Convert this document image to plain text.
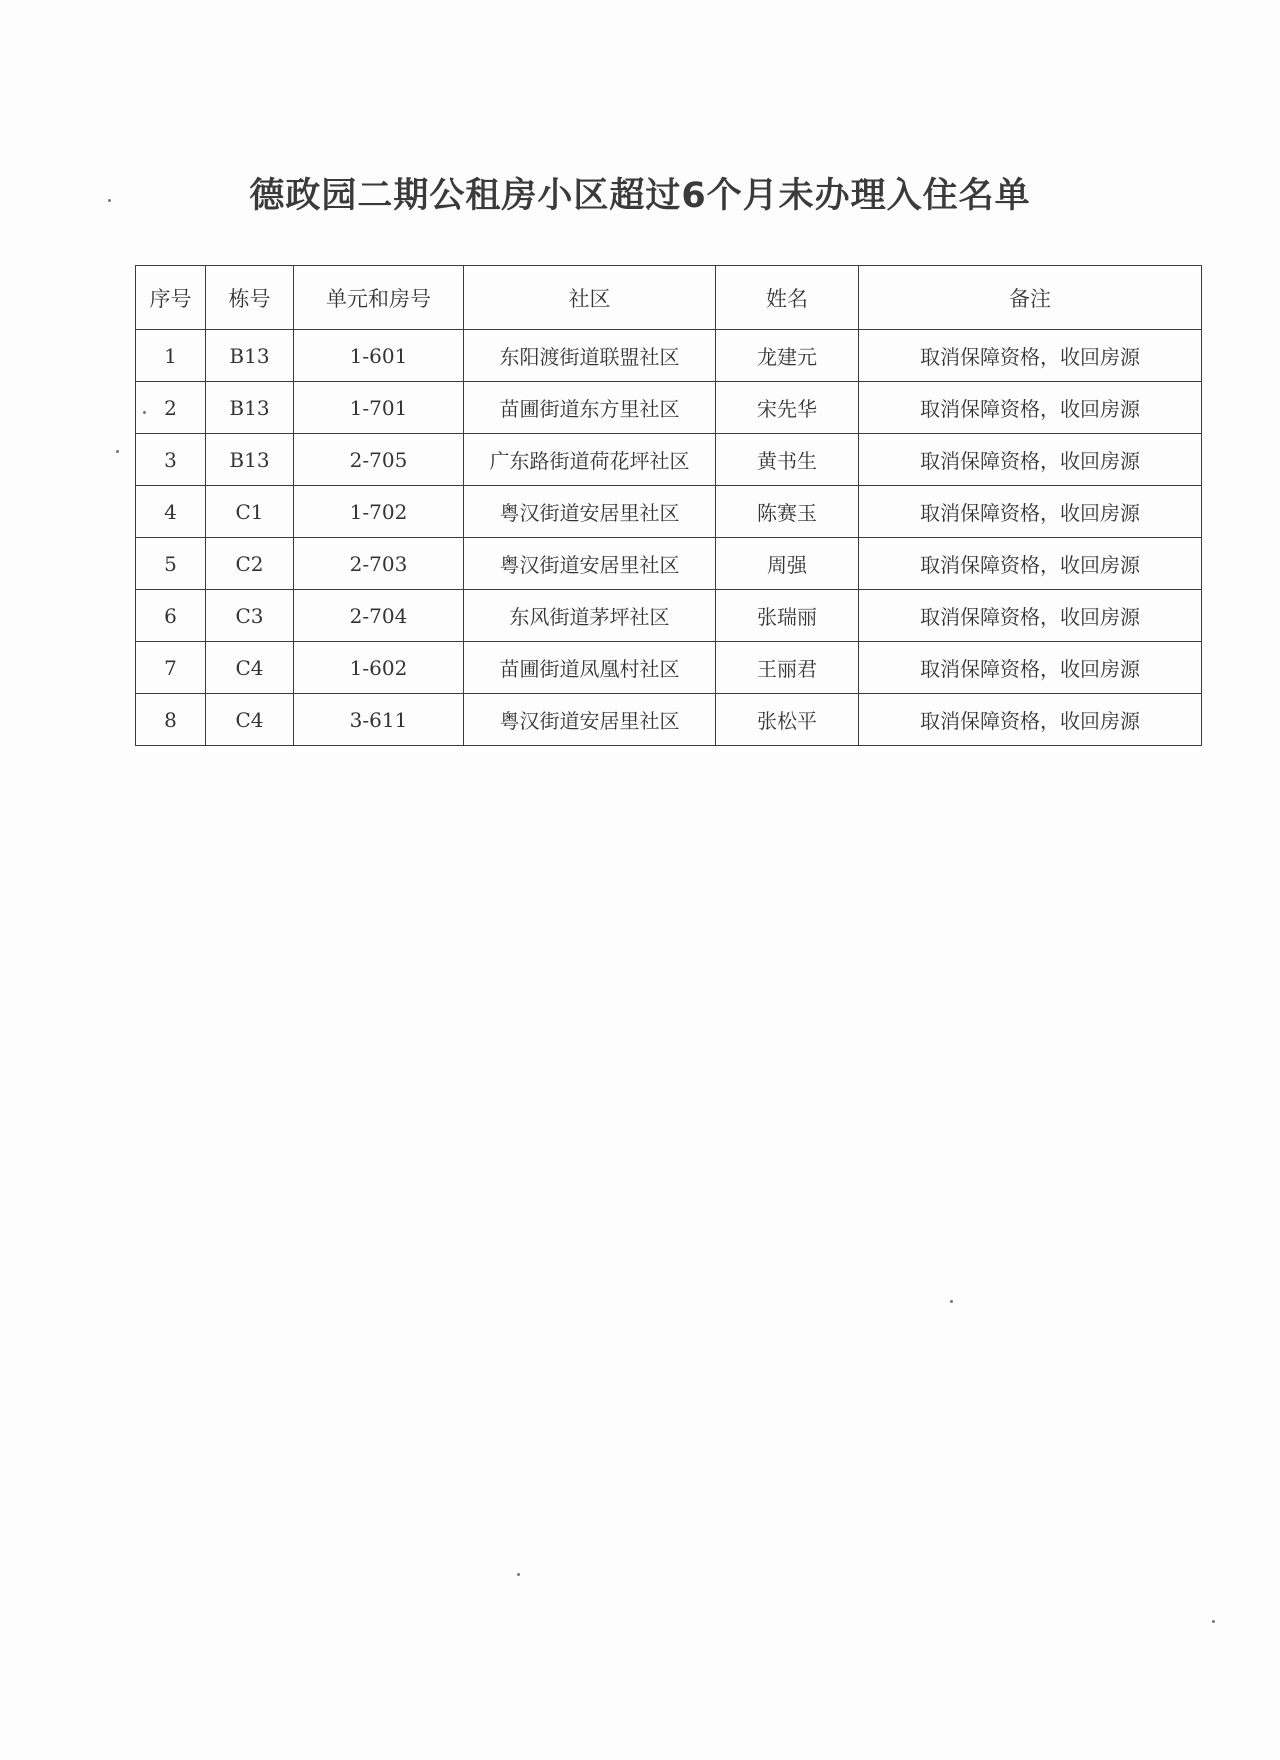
德政园二期公租房小区超过6个月未办理入住名单
序号	栋号	单元和房号	社区	姓名	备注
1	B13	1-601	东阳渡街道联盟社区	龙建元	取消保障资格，收回房源
2	B13	1-701	苗圃街道东方里社区	宋先华	取消保障资格，收回房源
3	B13	2-705	广东路街道荷花坪社区	黄书生	取消保障资格，收回房源
4	C1	1-702	粤汉街道安居里社区	陈赛玉	取消保障资格，收回房源
5	C2	2-703	粤汉街道安居里社区	周强	取消保障资格，收回房源
6	C3	2-704	东风街道茅坪社区	张瑞丽	取消保障资格，收回房源
7	C4	1-602	苗圃街道凤凰村社区	王丽君	取消保障资格，收回房源
8	C4	3-611	粤汉街道安居里社区	张松平	取消保障资格，收回房源
